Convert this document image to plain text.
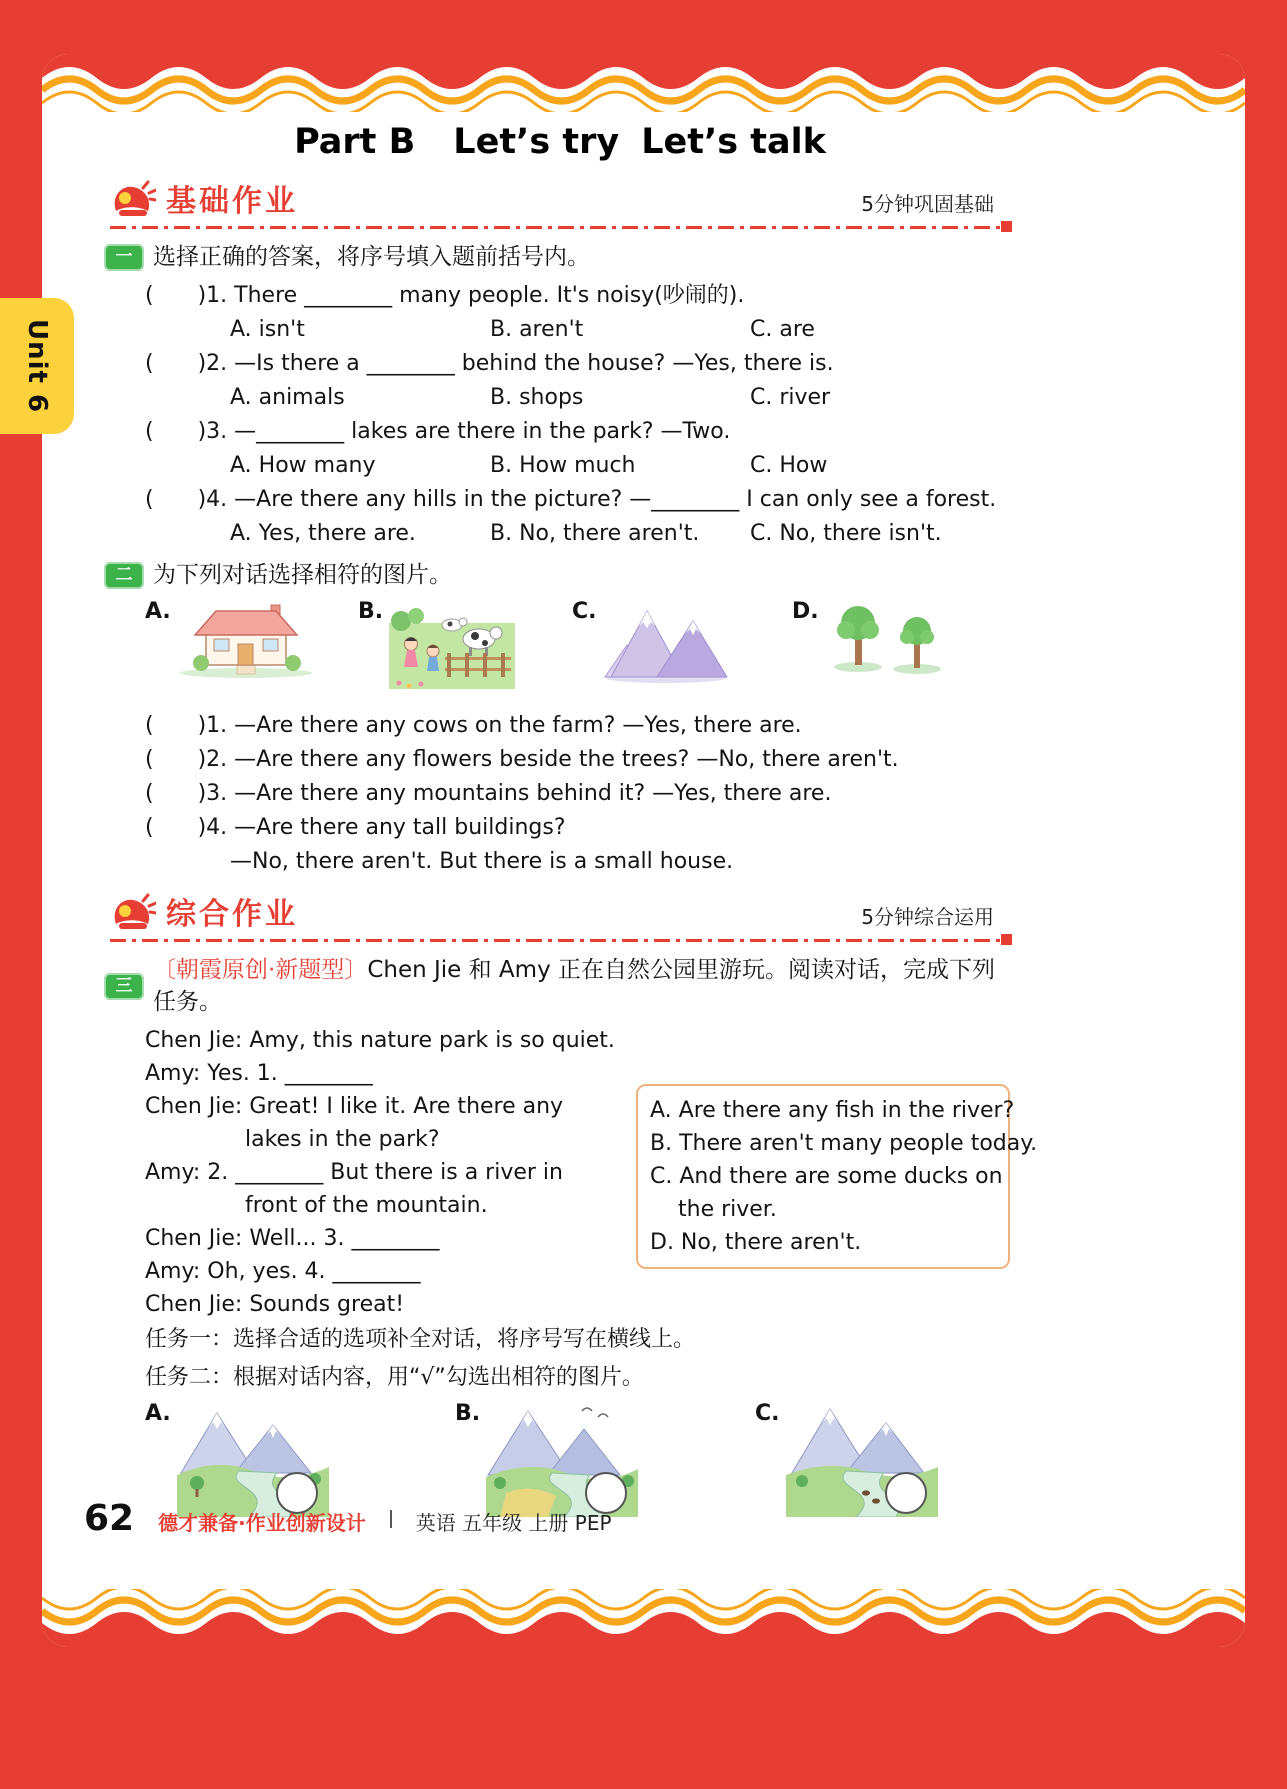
Part B Let’s try Let’s talk
基础作业	5分钟巩固基础
一 选择正确的答案，将序号填入题前括号内。
(　　)1. There ________ many people. It's noisy(吵闹的).
A. isn't	B. aren't	C. are
(　　)2. —Is there a ________ behind the house? —Yes, there is.
A. animals	B. shops	C. river
(　　)3. —________ lakes are there in the park? —Two.
A. How many	B. How much	C. How
(　　)4. —Are there any hills in the picture? —________ I can only see a forest.
A. Yes, there are.	B. No, there aren't.	C. No, there isn't.
二 为下列对话选择相符的图片。
A.	B.	C.	D.
(　　)1. —Are there any cows on the farm? —Yes, there are.
(　　)2. —Are there any flowers beside the trees? —No, there aren't.
(　　)3. —Are there any mountains behind it? —Yes, there are.
(　　)4. —Are there any tall buildings?
—No, there aren't. But there is a small house.
综合作业	5分钟综合运用
三
〔朝霞原创·新题型〕Chen Jie 和 Amy 正在自然公园里游玩。阅读对话，完成下列任务。
Chen Jie: Amy, this nature park is so quiet.
Amy: Yes. 1. ________
Chen Jie: Great! I like it. Are there any
lakes in the park?
Amy: 2. ________ But there is a river in
front of the mountain.
Chen Jie: Well... 3. ________
Amy: Oh, yes. 4. ________
Chen Jie: Sounds great!
A. Are there any fish in the river?
B. There aren't many people today.
C. And there are some ducks on
the river.
D. No, there aren't.
任务一：选择合适的选项补全对话，将序号写在横线上。
任务二：根据对话内容，用“√”勾选出相符的图片。
A.	B.	C.
62 德才兼备·作业创新设计	英语 五年级 上册 PEP
Unit 6
